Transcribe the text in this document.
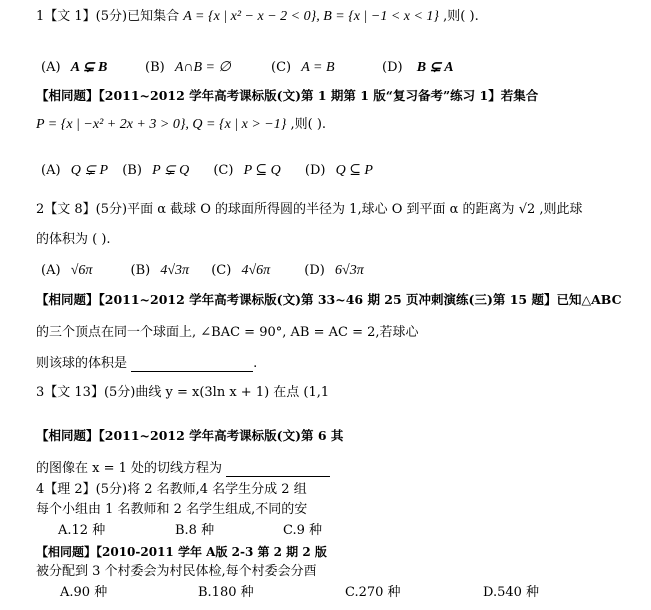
1【文 1】(5分)已知集合 A = {x | x² − x − 2 < 0}, B = {x | −1 < x < 1} ,则( ).
(A) A ⊊ B	(B) A∩B = ∅	(C) A = B	(D) B ⊊ A
【相同题】【2011~2012 学年高考课标版(文)第 1 期第 1 版“复习备考”练习 1】若集合
P = {x | −x² + 2x + 3 > 0}, Q = {x | x > −1} ,则( ).
(A) Q ⊊ P (B) P ⊊ Q (C) P ⊆ Q (D) Q ⊆ P
2【文 8】(5分)平面 α 截球 O 的球面所得圆的半径为 1,球心 O 到平面 α 的距离为 √2 ,则此球
的体积为 ( ).
(A) √6π	(B) 4√3π (C) 4√6π	(D) 6√3π
【相同题】【2011~2012 学年高考课标版(文)第 33~46 期 25 页冲刺演练(三)第 15 题】已知△ABC
的三个顶点在同一个球面上, ∠BAC = 90°, AB = AC = 2,若球心
则该球的体积是	.
3【文 13】(5分)曲线 y = x(3ln x + 1) 在点 (1,1
【相同题】【2011~2012 学年高考课标版(文)第 6 其
的图像在 x = 1 处的切线方程为
4【理 2】(5分)将 2 名教师,4 名学生分成 2 组
每个小组由 1 名教师和 2 名学生组成,不同的安
A.12 种	B.8 种	C.9 种
【相同题】【2010-2011 学年 A版 2-3 第 2 期 2 版
被分配到 3 个村委会为村民体检,每个村委会分酉
A.90 种	B.180 种	C.270 种	D.540 种
